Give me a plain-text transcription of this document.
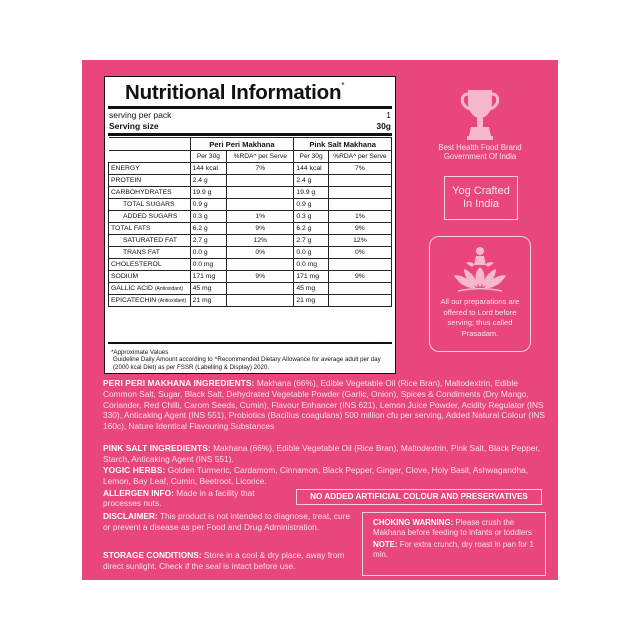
Nutritional Information*
serving per pack	1
Serving size	30g
	Peri Peri Makhana		Pink Salt Makhana	
	Per 30g	%RDA^ per Serve	Per 30g	%RDA^ per Serve
ENERGY	144 kcal	7%	144 kcal	7%
PROTEIN	2.4 g		2.4 g	
CARBOHYDRATES	19.9 g		19.9 g	
TOTAL SUGARS	0.9 g		0.9 g	
ADDED SUGARS	0.3 g	1%	0.3 g	1%
TOTAL FATS	6.2 g	9%	6.2 g	9%
SATURATED FAT	2.7 g	12%	2.7 g	12%
TRANS FAT	0.0 g	0%	0.0 g	0%
CHOLESTEROL	0.0 mg		0.0 mg	
SODIUM	171 mg	9%	171 mg	9%
GALLIC ACID (Antioxidant)	45 mg		45 mg	
EPICATECHIN (Antioxidant)	21 mg		21 mg	
*Approximate Values
Guideline Daily Amount according to ^Recommended Dietary Allowance for average adult per day (2000 kcal Diet) as per FSSR (Labelling & Display) 2020.
Best Health Food Brand
Government Of India
Yog Crafted
In India
All our preparations are offered to Lord before serving; thus called Prasadam.
PERI PERI MAKHANA INGREDIENTS: Makhana (66%), Edible Vegetable Oil (Rice Bran), Maltodextrin, Edible Common Salt, Sugar, Black Salt, Dehydrated Vegetable Powder (Garlic, Onion), Spices & Condiments (Dry Mango, Coriander, Red Chilli, Carom Seeds, Cumin), Flavour Enhancer (INS 621), Lemon Juice Powder, Acidity Regulator (INS 330), Anticaking Agent (INS 551), Probiotics (Bacillus coagulans) 500 million cfu per serving, Added Natural Colour (INS 160c), Nature Identical Flavouring Substances
PINK SALT INGREDIENTS: Makhana (66%), Edible Vegetable Oil (Rice Bran), Maltodextrin, Pink Salt, Black Pepper, Starch, Anticaking Agent (INS 551).
YOGIC HERBS: Golden Turmeric, Cardamom, Cinnamon, Black Pepper, Ginger, Clove, Holy Basil, Ashwagandha, Lemon, Bay Leaf, Cumin, Beetroot, Licorice.
ALLERGEN INFO: Made in a facility that processes nuts.
NO ADDED ARTIFICIAL COLOUR AND PRESERVATIVES
DISCLAIMER: This product is not intended to diagnose, treat, cure or prevent a disease as per Food and Drug Administration.
STORAGE CONDITIONS: Store in a cool & dry place, away from direct sunlight. Check if the seal is intact before use.
CHOKING WARNING: Please crush the Makhana before feeding to infants or toddlers
NOTE: For extra crunch, dry roast in pan for 1 min.
